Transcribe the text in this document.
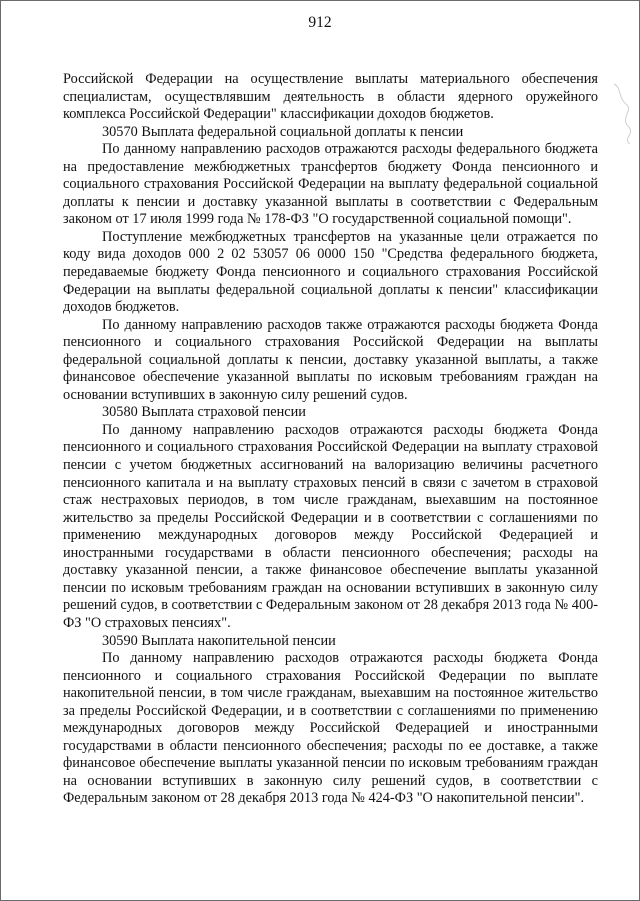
912

Российской Федерации на осуществление выплаты материального обеспечения специалистам, осуществлявшим деятельность в области ядерного оружейного комплекса Российской Федерации" классификации доходов бюджетов.

30570 Выплата федеральной социальной доплаты к пенсии

По данному направлению расходов отражаются расходы федерального бюджета на предоставление межбюджетных трансфертов бюджету Фонда пенсионного и социального страхования Российской Федерации на выплату федеральной социальной доплаты к пенсии и доставку указанной выплаты в соответствии с Федеральным законом от 17 июля 1999 года № 178-ФЗ "О государственной социальной помощи".

Поступление межбюджетных трансфертов на указанные цели отражается по коду вида доходов 000 2 02 53057 06 0000 150 "Средства федерального бюджета, передаваемые бюджету Фонда пенсионного и социального страхования Российской Федерации на выплаты федеральной социальной доплаты к пенсии" классификации доходов бюджетов.

По данному направлению расходов также отражаются расходы бюджета Фонда пенсионного и социального страхования Российской Федерации на выплаты федеральной социальной доплаты к пенсии, доставку указанной выплаты, а также финансовое обеспечение указанной выплаты по исковым требованиям граждан на основании вступивших в законную силу решений судов.

30580 Выплата страховой пенсии

По данному направлению расходов отражаются расходы бюджета Фонда пенсионного и социального страхования Российской Федерации на выплату страховой пенсии с учетом бюджетных ассигнований на валоризацию величины расчетного пенсионного капитала и на выплату страховых пенсий в связи с зачетом в страховой стаж нестраховых периодов, в том числе гражданам, выехавшим на постоянное жительство за пределы Российской Федерации и в соответствии с соглашениями по применению международных договоров между Российской Федерацией и иностранными государствами в области пенсионного обеспечения; расходы на доставку указанной пенсии, а также финансовое обеспечение выплаты указанной пенсии по исковым требованиям граждан на основании вступивших в законную силу решений судов, в соответствии с Федеральным законом от 28 декабря 2013 года № 400-ФЗ "О страховых пенсиях".

30590 Выплата накопительной пенсии

По данному направлению расходов отражаются расходы бюджета Фонда пенсионного и социального страхования Российской Федерации по выплате накопительной пенсии, в том числе гражданам, выехавшим на постоянное жительство за пределы Российской Федерации, и в соответствии с соглашениями по применению международных договоров между Российской Федерацией и иностранными государствами в области пенсионного обеспечения; расходы по ее доставке, а также финансовое обеспечение выплаты указанной пенсии по исковым требованиям граждан на основании вступивших в законную силу решений судов, в соответствии с Федеральным законом от 28 декабря 2013 года № 424-ФЗ "О накопительной пенсии".
